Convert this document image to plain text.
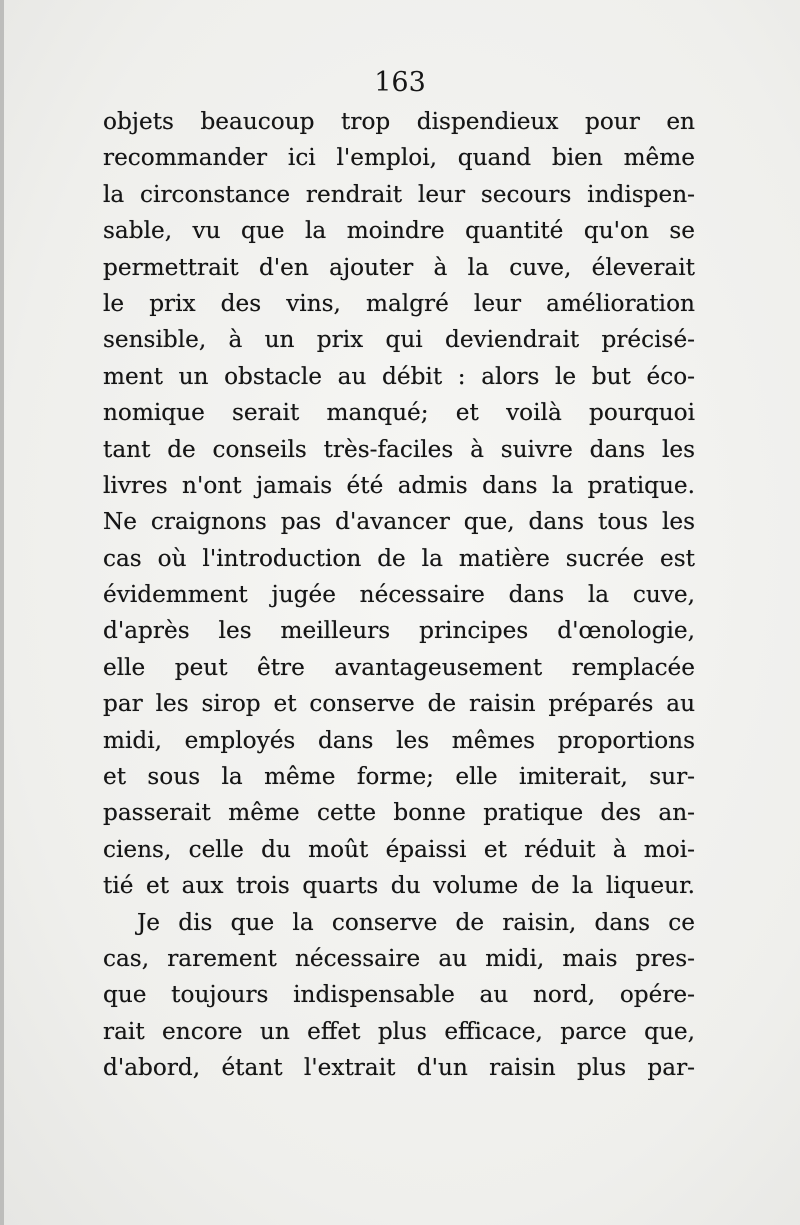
163
objets beaucoup trop dispendieux pour en
recommander ici l'emploi, quand bien même
la circonstance rendrait leur secours indispen-
sable, vu que la moindre quantité qu'on se
permettrait d'en ajouter à la cuve, éleverait
le prix des vins, malgré leur amélioration
sensible, à un prix qui deviendrait précisé-
ment un obstacle au débit : alors le but éco-
nomique serait manqué; et voilà pourquoi
tant de conseils très-faciles à suivre dans les
livres n'ont jamais été admis dans la pratique.
Ne craignons pas d'avancer que, dans tous les
cas où l'introduction de la matière sucrée est
évidemment jugée nécessaire dans la cuve,
d'après les meilleurs principes d'œnologie,
elle peut être avantageusement remplacée
par les sirop et conserve de raisin préparés au
midi, employés dans les mêmes proportions
et sous la même forme; elle imiterait, sur-
passerait même cette bonne pratique des an-
ciens, celle du moût épaissi et réduit à moi-
tié et aux trois quarts du volume de la liqueur.
Je dis que la conserve de raisin, dans ce
cas, rarement nécessaire au midi, mais pres-
que toujours indispensable au nord, opére-
rait encore un effet plus efficace, parce que,
d'abord, étant l'extrait d'un raisin plus par-
